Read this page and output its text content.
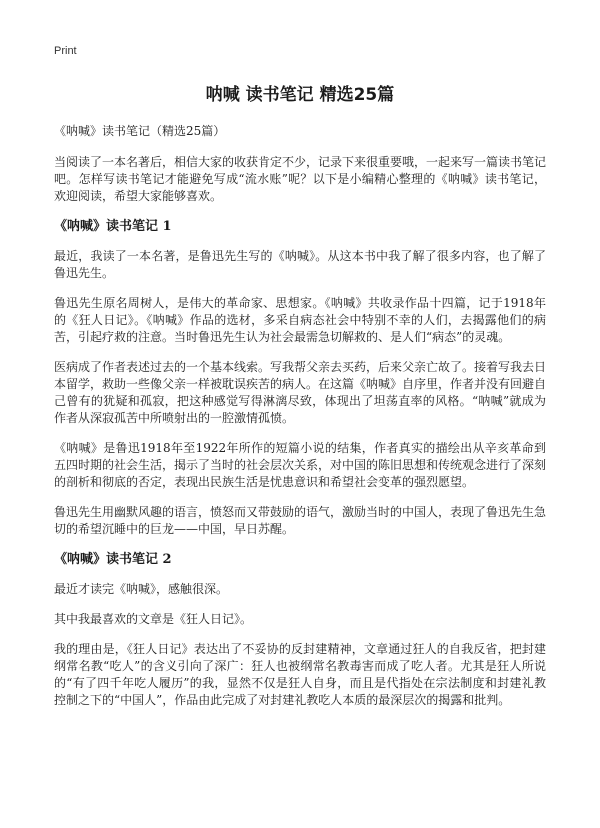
Print
呐喊 读书笔记 精选25篇
《呐喊》读书笔记（精选25篇）

当阅读了一本名著后，相信大家的收获肯定不少，记录下来很重要哦，一起来写一篇读书笔记吧。怎样写读书笔记才能避免写成“流水账”呢？以下是小编精心整理的《呐喊》读书笔记，欢迎阅读，希望大家能够喜欢。

《呐喊》读书笔记 1

最近，我读了一本名著，是鲁迅先生写的《呐喊》。从这本书中我了解了很多内容，也了解了鲁迅先生。

鲁迅先生原名周树人，是伟大的革命家、思想家。《呐喊》共收录作品十四篇，记于1918年的《狂人日记》。《呐喊》作品的选材，多采自病态社会中特别不幸的人们，去揭露他们的病苦，引起疗救的注意。当时鲁迅先生认为社会最需急切解救的、是人们“病态”的灵魂。

医病成了作者表述过去的一个基本线索。写我帮父亲去买药，后来父亲亡故了。接着写我去日本留学，救助一些像父亲一样被耽误疾苦的病人。在这篇《呐喊》自序里，作者并没有回避自己曾有的犹疑和孤寂，把这种感觉写得淋漓尽致，体现出了坦荡直率的风格。“呐喊”就成为作者从深寂孤苦中所喷射出的一腔激情孤愤。

《呐喊》是鲁迅1918年至1922年所作的短篇小说的结集，作者真实的描绘出从辛亥革命到五四时期的社会生活，揭示了当时的社会层次关系，对中国的陈旧思想和传统观念进行了深刻的剖析和彻底的否定，表现出民族生活是忧患意识和希望社会变革的强烈愿望。

鲁迅先生用幽默风趣的语言，愤怒而又带鼓励的语气，激励当时的中国人，表现了鲁迅先生急切的希望沉睡中的巨龙——中国，早日苏醒。

《呐喊》读书笔记 2

最近才读完《呐喊》，感触很深。

其中我最喜欢的文章是《狂人日记》。

我的理由是，《狂人日记》表达出了不妥协的反封建精神，文章通过狂人的自我反省，把封建纲常名教“吃人”的含义引向了深广：狂人也被纲常名教毒害而成了吃人者。尤其是狂人所说的“有了四千年吃人履历”的我，显然不仅是狂人自身，而且是代指处在宗法制度和封建礼教控制之下的“中国人”，作品由此完成了对封建礼教吃人本质的最深层次的揭露和批判。
